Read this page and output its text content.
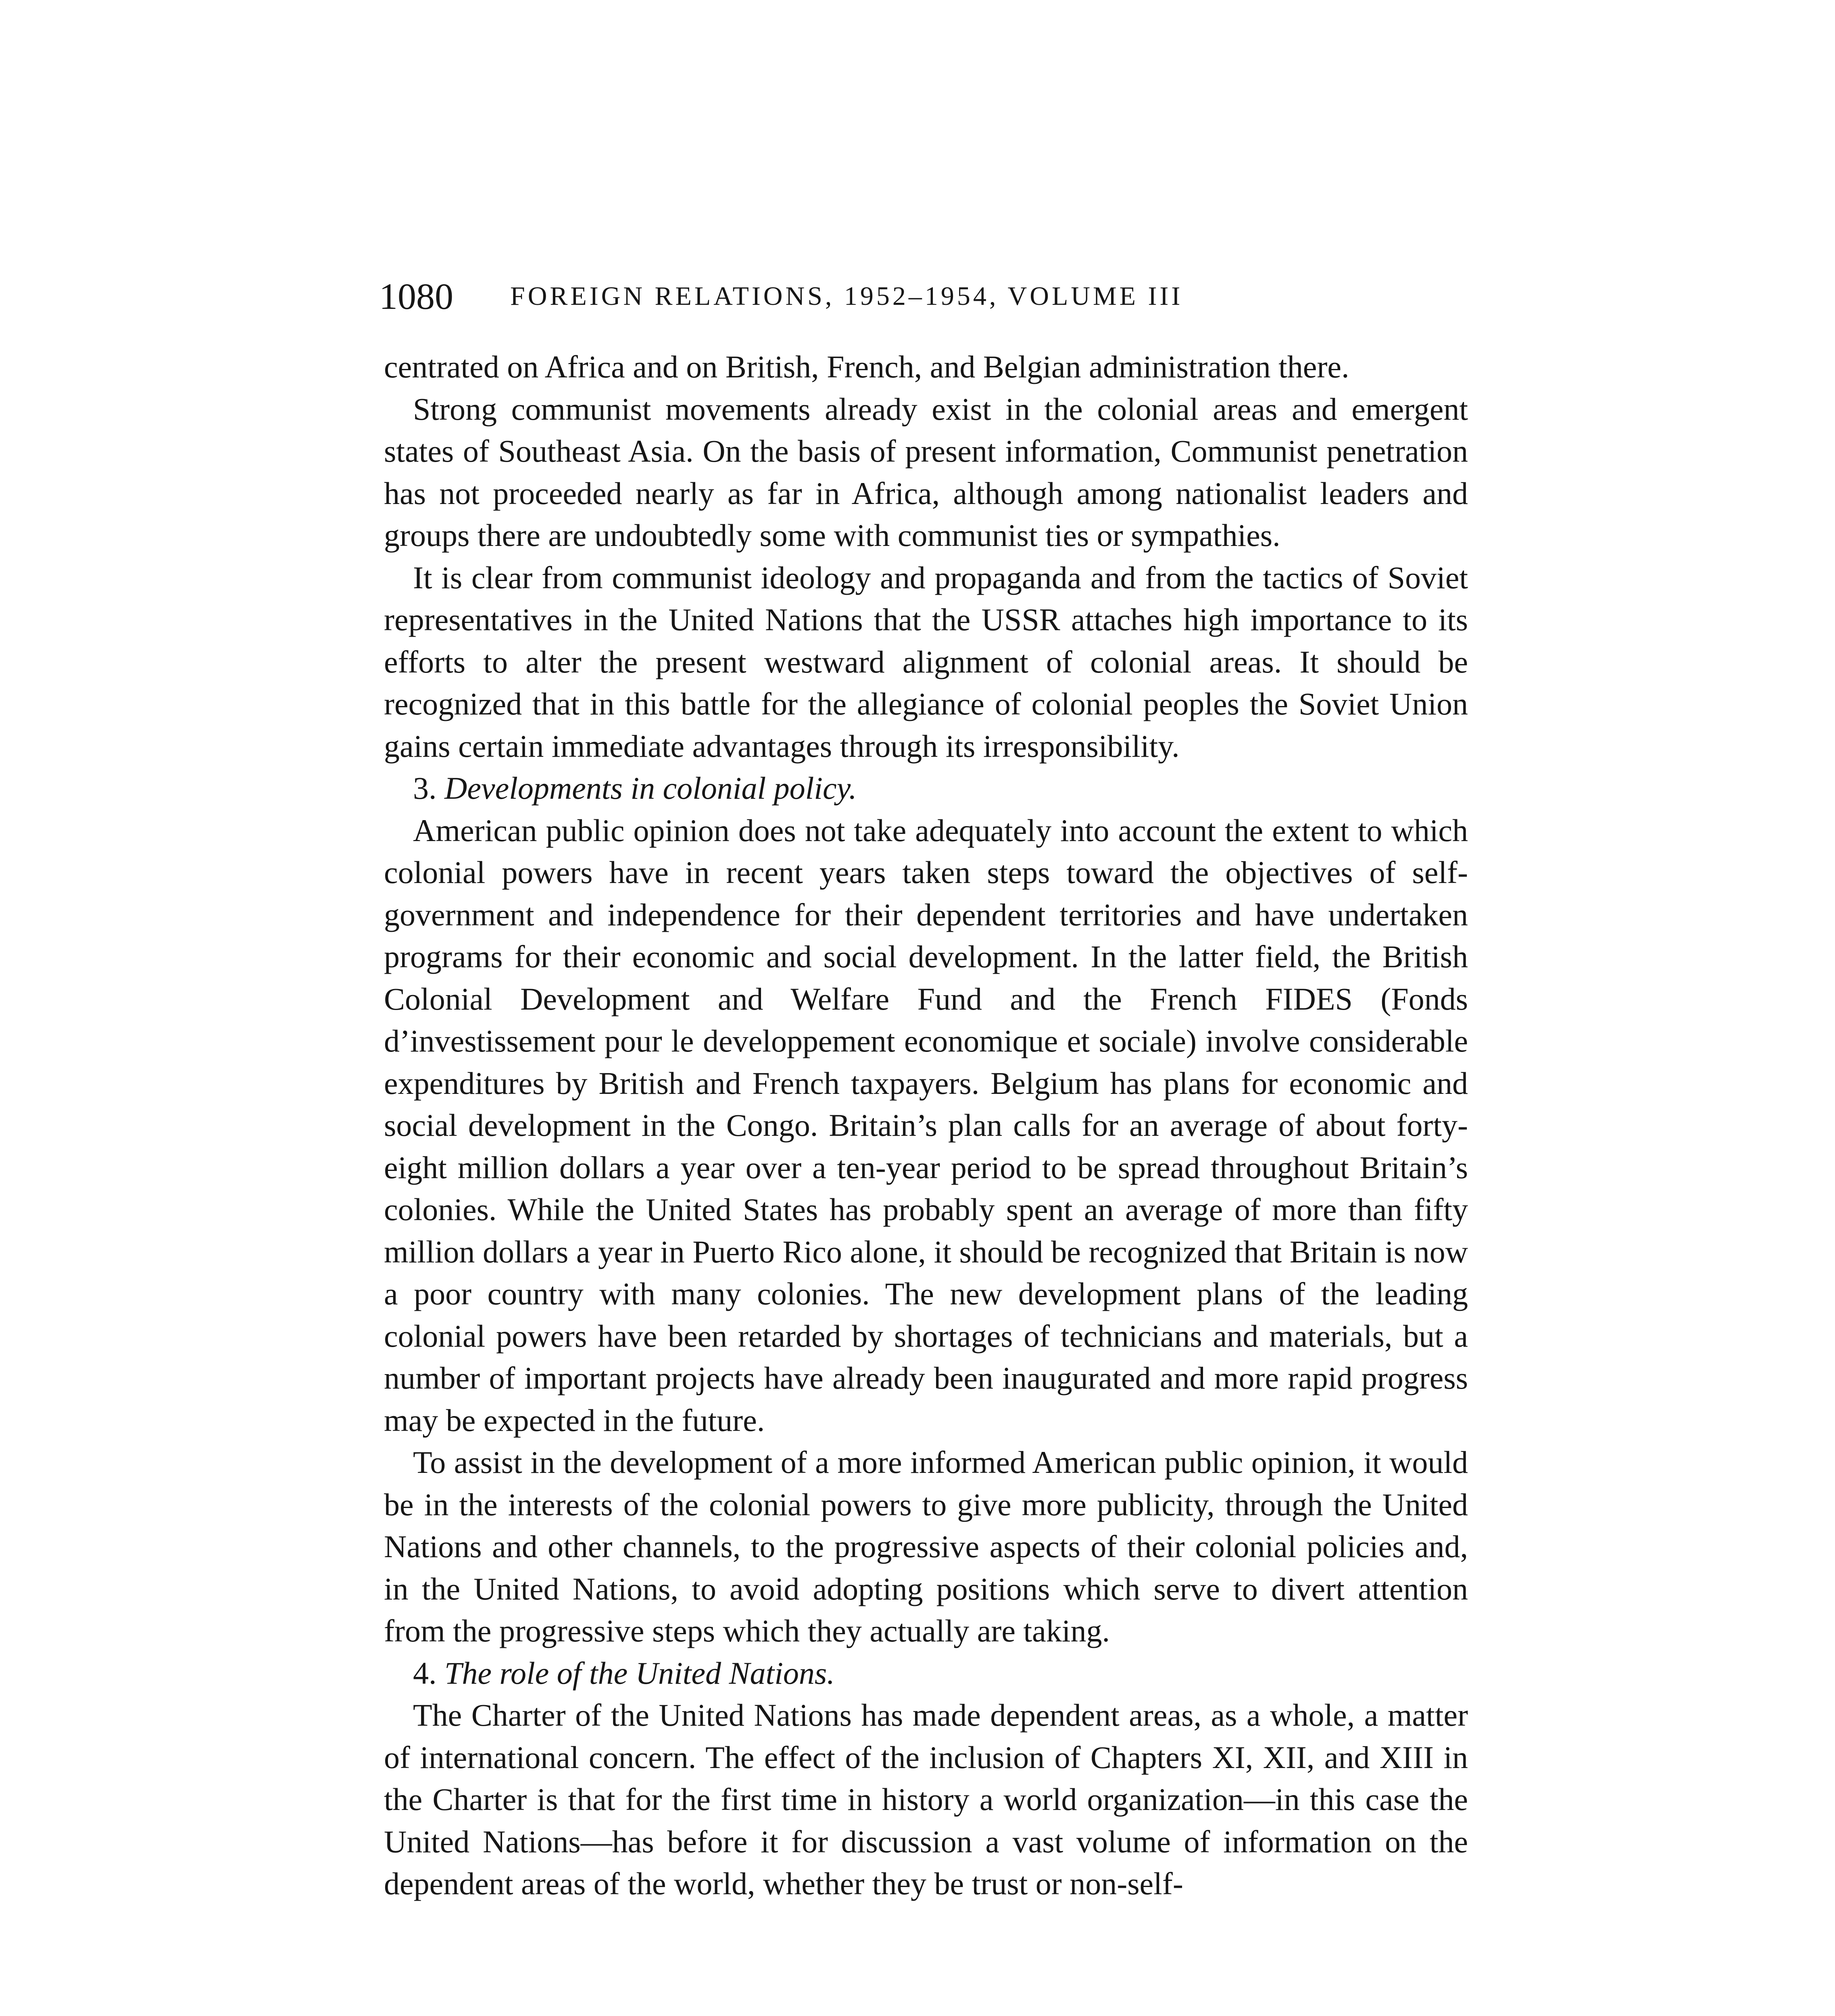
1080 FOREIGN RELATIONS, 1952–1954, VOLUME III

centrated on Africa and on British, French, and Belgian administration there.

Strong communist movements already exist in the colonial areas and emergent states of Southeast Asia. On the basis of present information, Communist penetration has not proceeded nearly as far in Africa, although among nationalist leaders and groups there are undoubtedly some with communist ties or sympathies.

It is clear from communist ideology and propaganda and from the tactics of Soviet representatives in the United Nations that the USSR attaches high importance to its efforts to alter the present westward alignment of colonial areas. It should be recognized that in this battle for the allegiance of colonial peoples the Soviet Union gains certain immediate advantages through its irresponsibility.

3. Developments in colonial policy.

American public opinion does not take adequately into account the extent to which colonial powers have in recent years taken steps toward the objectives of self-government and independence for their dependent territories and have undertaken programs for their economic and social development. In the latter field, the British Colonial Development and Welfare Fund and the French FIDES (Fonds d’investissement pour le developpement economique et sociale) involve considerable expenditures by British and French taxpayers. Belgium has plans for economic and social development in the Congo. Britain’s plan calls for an average of about forty-eight million dollars a year over a ten-year period to be spread throughout Britain’s colonies. While the United States has probably spent an average of more than fifty million dollars a year in Puerto Rico alone, it should be recognized that Britain is now a poor country with many colonies. The new development plans of the leading colonial powers have been retarded by shortages of technicians and materials, but a number of important projects have already been inaugurated and more rapid progress may be expected in the future.

To assist in the development of a more informed American public opinion, it would be in the interests of the colonial powers to give more publicity, through the United Nations and other channels, to the progressive aspects of their colonial policies and, in the United Nations, to avoid adopting positions which serve to divert attention from the progressive steps which they actually are taking.

4. The role of the United Nations.

The Charter of the United Nations has made dependent areas, as a whole, a matter of international concern. The effect of the inclusion of Chapters XI, XII, and XIII in the Charter is that for the first time in history a world organization—in this case the United Nations—has before it for discussion a vast volume of information on the dependent areas of the world, whether they be trust or non-self-
